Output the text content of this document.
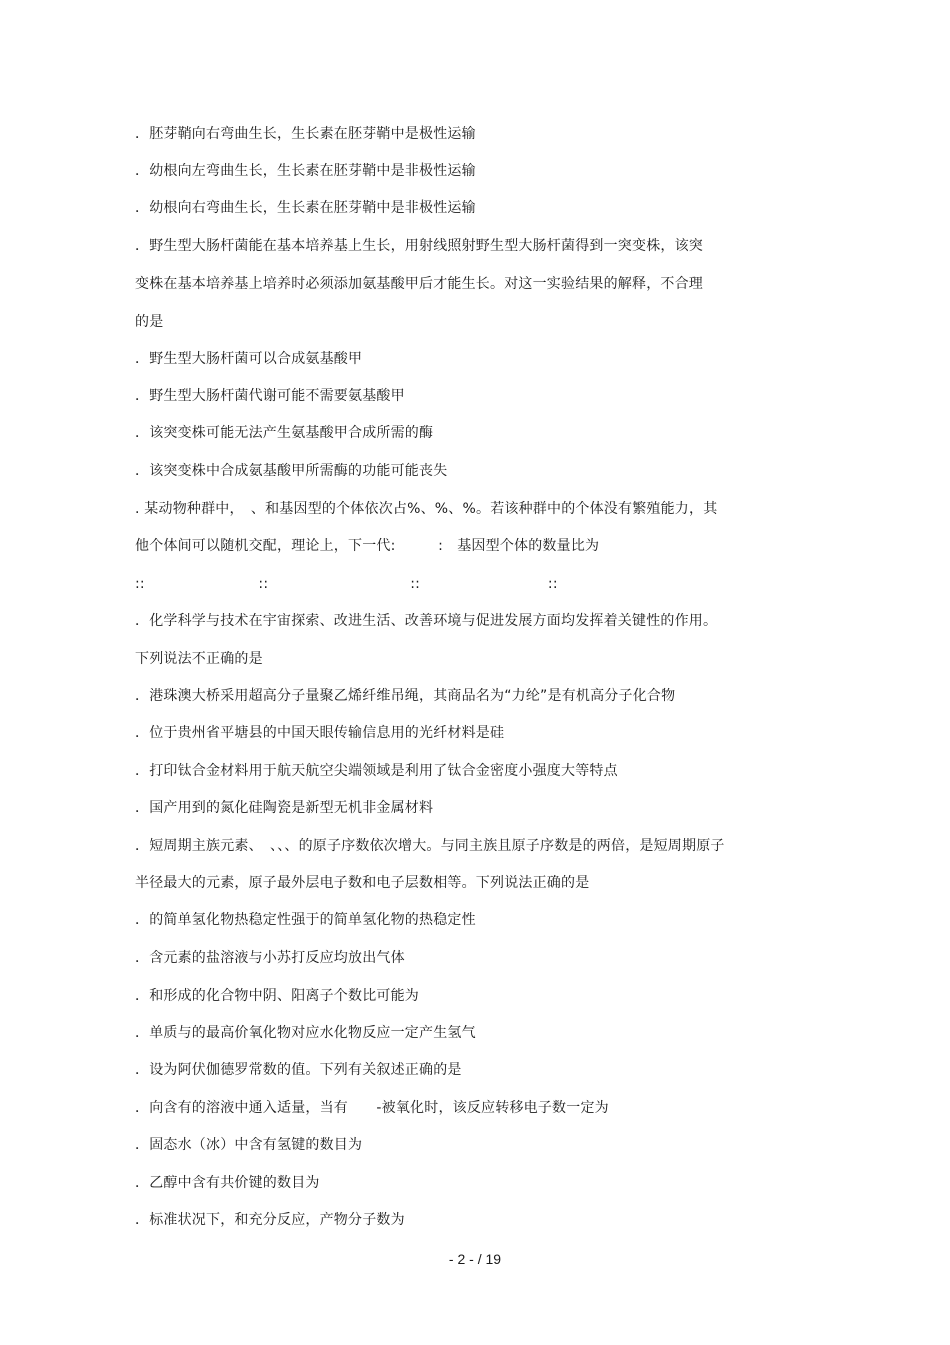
．胚芽鞘向右弯曲生长，生长素在胚芽鞘中是极性运输
．幼根向左弯曲生长，生长素在胚芽鞘中是非极性运输
．幼根向右弯曲生长，生长素在胚芽鞘中是非极性运输
．野生型大肠杆菌能在基本培养基上生长，用射线照射野生型大肠杆菌得到一突变株，该突
变株在基本培养基上培养时必须添加氨基酸甲后才能生长。对这一实验结果的解释，不合理
的是
．野生型大肠杆菌可以合成氨基酸甲
．野生型大肠杆菌代谢可能不需要氨基酸甲
．该突变株可能无法产生氨基酸甲合成所需的酶
．该突变株中合成氨基酸甲所需酶的功能可能丧失
. 某动物种群中，　、和基因型的个体依次占%、%、%。若该种群中的个体没有繁殖能力，其
他个体间可以随机交配，理论上，下一代:　　　:　基因型个体的数量比为
::　　　　　　　　::　　　　　　　　　　::　　　　　　　　　::
．化学科学与技术在宇宙探索、改进生活、改善环境与促进发展方面均发挥着关键性的作用。
下列说法不正确的是
．港珠澳大桥采用超高分子量聚乙烯纤维吊绳，其商品名为“力纶”是有机高分子化合物
．位于贵州省平塘县的中国天眼传输信息用的光纤材料是硅
．打印钛合金材料用于航天航空尖端领域是利用了钛合金密度小强度大等特点
．国产用到的氮化硅陶瓷是新型无机非金属材料
．短周期主族元素、　、、、的原子序数依次增大。与同主族且原子序数是的两倍，是短周期原子
半径最大的元素，原子最外层电子数和电子层数相等。下列说法正确的是
．的简单氢化物热稳定性强于的简单氢化物的热稳定性
．含元素的盐溶液与小苏打反应均放出气体
．和形成的化合物中阴、阳离子个数比可能为
．单质与的最高价氧化物对应水化物反应一定产生氢气
．设为阿伏伽德罗常数的值。下列有关叙述正确的是
．向含有的溶液中通入适量，当有　　-被氧化时，该反应转移电子数一定为
．固态水（冰）中含有氢键的数目为
．乙醇中含有共价键的数目为
．标准状况下，和充分反应，产物分子数为
- 2 - / 19
